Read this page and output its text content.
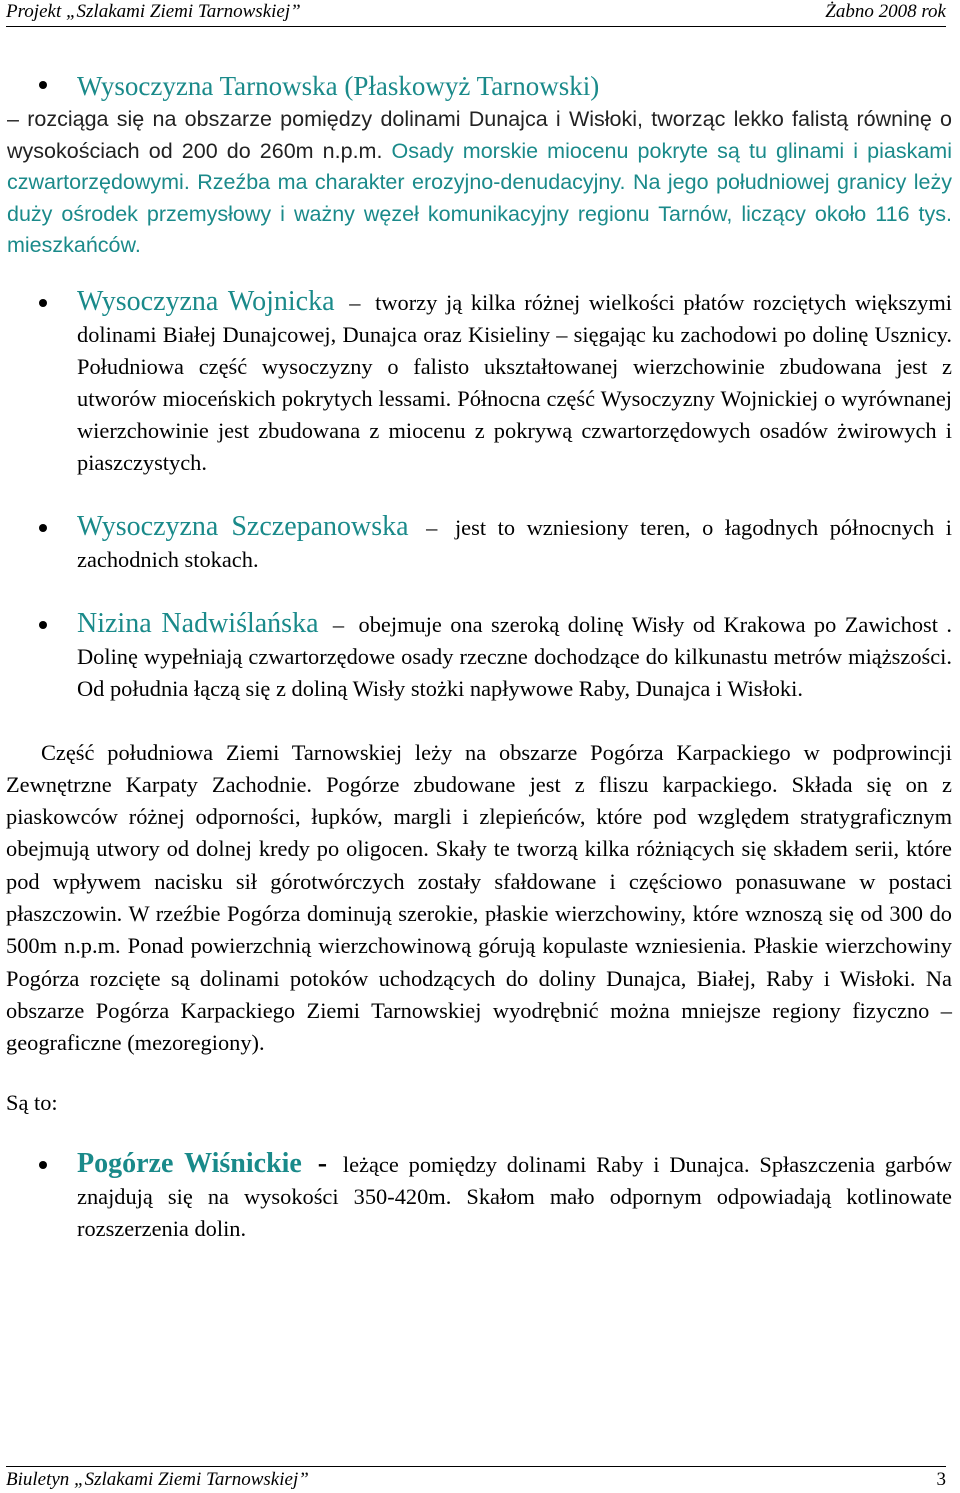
Projekt „Szlakami Ziemi Tarnowskiej”	Żabno 2008 rok
Wysoczyzna Tarnowska (Płaskowyż Tarnowski)
– rozciąga się na obszarze pomiędzy dolinami Dunajca i Wisłoki, tworząc lekko falistą równinę o wysokościach od 200 do 260m n.p.m. Osady morskie miocenu pokryte są tu glinami i piaskami czwartorzędowymi. Rzeźba ma charakter erozyjno-denudacyjny. Na jego południowej granicy leży duży ośrodek przemysłowy i ważny węzeł komunikacyjny regionu Tarnów, liczący około 116 tys. mieszkańców.
Wysoczyzna Wojnicka – tworzy ją kilka różnej wielkości płatów rozciętych większymi dolinami Białej Dunajcowej, Dunajca oraz Kisieliny – sięgając ku zachodowi po dolinę Usznicy. Południowa część wysoczyzny o falisto ukształtowanej wierzchowinie zbudowana jest z utworów mioceńskich pokrytych lessami. Północna część Wysoczyzny Wojnickiej o wyrównanej wierzchowinie jest zbudowana z miocenu z pokrywą czwartorzędowych osadów żwirowych i piaszczystych.
Wysoczyzna Szczepanowska – jest to wzniesiony teren, o łagodnych północnych i zachodnich stokach.
Nizina Nadwiślańska – obejmuje ona szeroką dolinę Wisły od Krakowa po Zawichost . Dolinę wypełniają czwartorzędowe osady rzeczne dochodzące do kilkunastu metrów miąższości. Od południa łączą się z doliną Wisły stożki napływowe Raby, Dunajca i Wisłoki.
Część południowa Ziemi Tarnowskiej leży na obszarze Pogórza Karpackiego w podprowincji Zewnętrzne Karpaty Zachodnie. Pogórze zbudowane jest z fliszu karpackiego. Składa się on z piaskowców różnej odporności, łupków, margli i zlepieńców, które pod względem stratygraficznym obejmują utwory od dolnej kredy po oligocen. Skały te tworzą kilka różniących się składem serii, które pod wpływem nacisku sił górotwórczych zostały sfałdowane i częściowo ponasuwane w postaci płaszczowin. W rzeźbie Pogórza dominują szerokie, płaskie wierzchowiny, które wznoszą się od 300 do 500m n.p.m. Ponad powierzchnią wierzchowinową górują kopulaste wzniesienia. Płaskie wierzchowiny Pogórza rozcięte są dolinami potoków uchodzących do doliny Dunajca, Białej, Raby i Wisłoki. Na obszarze Pogórza Karpackiego Ziemi Tarnowskiej wyodrębnić można mniejsze regiony fizyczno – geograficzne (mezoregiony).
Są to:
Pogórze Wiśnickie - leżące pomiędzy dolinami Raby i Dunajca. Spłaszczenia garbów znajdują się na wysokości 350-420m. Skałom mało odpornym odpowiadają kotlinowate rozszerzenia dolin.
Biuletyn „Szlakami Ziemi Tarnowskiej”	3
